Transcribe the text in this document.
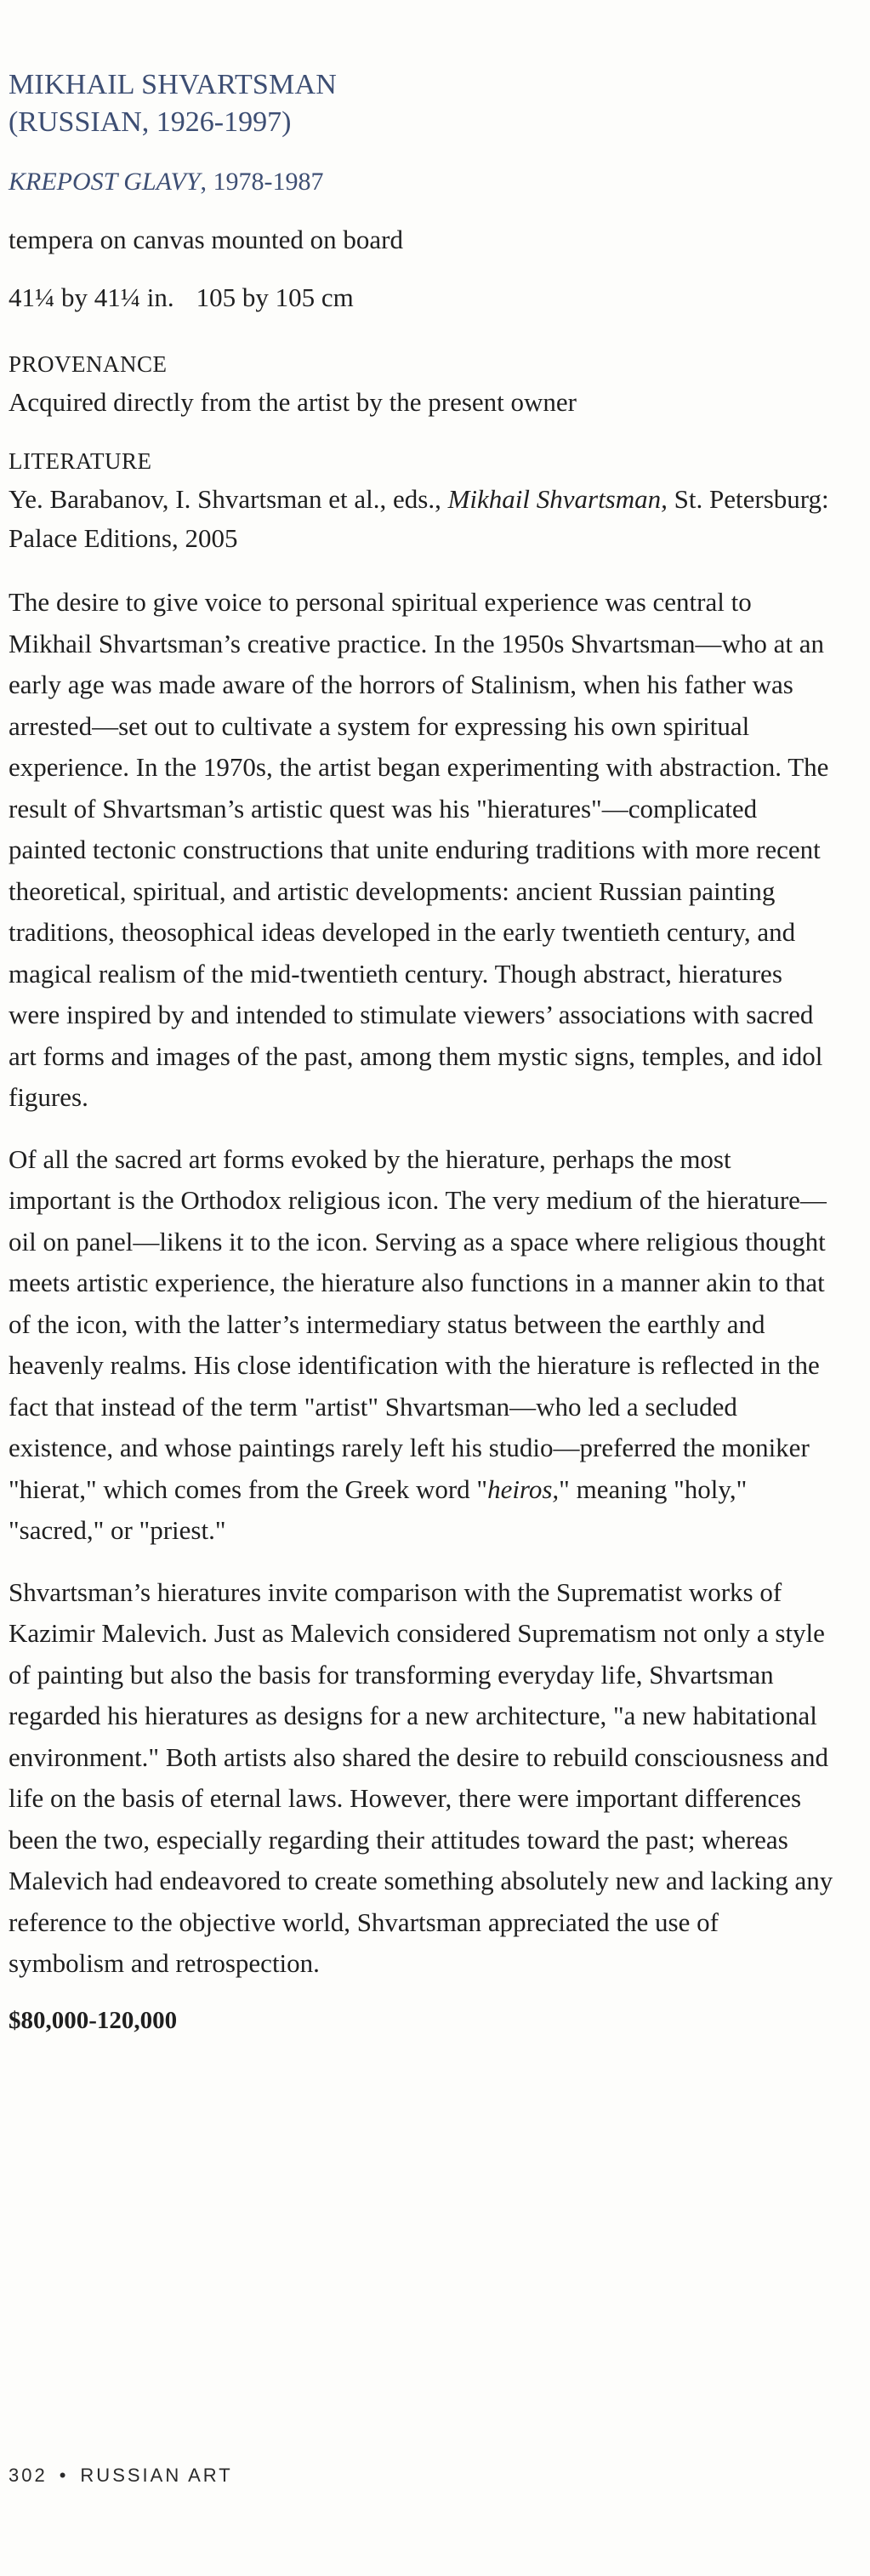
MIKHAIL SHVARTSMAN
(RUSSIAN, 1926-1997)
KREPOST GLAVY, 1978-1987
tempera on canvas mounted on board
41¼ by 41¼ in. 105 by 105 cm
PROVENANCE
Acquired directly from the artist by the present owner
LITERATURE
Ye. Barabanov, I. Shvartsman et al., eds., Mikhail Shvartsman, St. Petersburg: Palace Editions, 2005

The desire to give voice to personal spiritual experience was central to Mikhail Shvartsman’s creative practice. In the 1950s Shvartsman—who at an early age was made aware of the horrors of Stalinism, when his father was arrested—set out to cultivate a system for expressing his own spiritual experience. In the 1970s, the artist began experimenting with abstraction. The result of Shvartsman’s artistic quest was his "hieratures"—complicated painted tectonic constructions that unite enduring traditions with more recent theoretical, spiritual, and artistic developments: ancient Russian painting traditions, theosophical ideas developed in the early twentieth century, and magical realism of the mid-twentieth century. Though abstract, hieratures were inspired by and intended to stimulate viewers’ associations with sacred art forms and images of the past, among them mystic signs, temples, and idol figures.

Of all the sacred art forms evoked by the hierature, perhaps the most important is the Orthodox religious icon. The very medium of the hierature—oil on panel—likens it to the icon. Serving as a space where religious thought meets artistic experience, the hierature also functions in a manner akin to that of the icon, with the latter’s intermediary status between the earthly and heavenly realms. His close identification with the hierature is reflected in the fact that instead of the term "artist" Shvartsman—who led a secluded existence, and whose paintings rarely left his studio—preferred the moniker "hierat," which comes from the Greek word "heiros," meaning "holy," "sacred," or "priest."

Shvartsman’s hieratures invite comparison with the Suprematist works of Kazimir Malevich. Just as Malevich considered Suprematism not only a style of painting but also the basis for transforming everyday life, Shvartsman regarded his hieratures as designs for a new architecture, "a new habitational environment." Both artists also shared the desire to rebuild consciousness and life on the basis of eternal laws. However, there were important differences been the two, especially regarding their attitudes toward the past; whereas Malevich had endeavored to create something absolutely new and lacking any reference to the objective world, Shvartsman appreciated the use of symbolism and retrospection.

$80,000-120,000
302 • RUSSIAN ART
